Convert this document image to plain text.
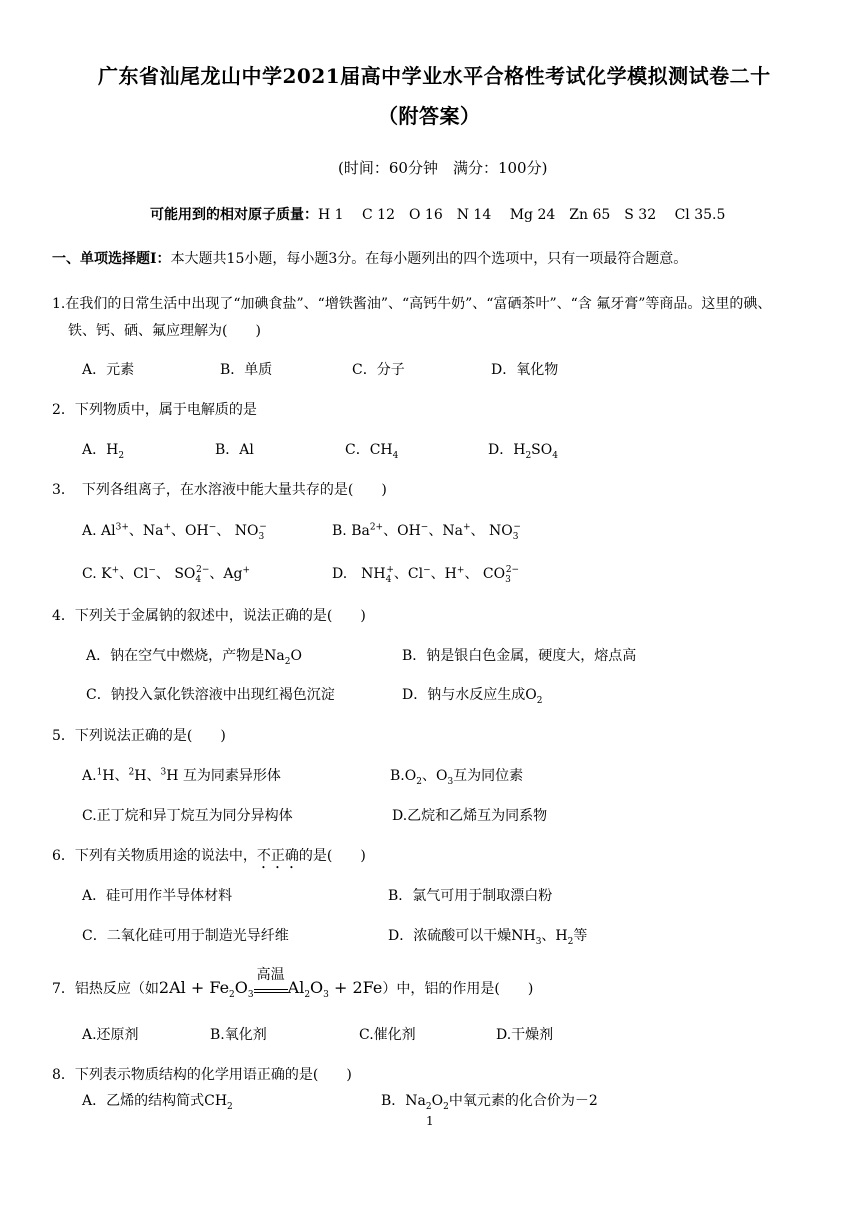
广东省汕尾龙山中学2021届高中学业水平合格性考试化学模拟测试卷二十
（附答案）
(时间：60分钟　满分：100分)
可能用到的相对原子质量：H 1　 C 12　O 16　N 14　 Mg 24　Zn 65　S 32　 Cl 35.5
一、单项选择题Ⅰ：本大题共15小题，每小题3分。在每小题列出的四个选项中，只有一项最符合题意。
1.在我们的日常生活中出现了“加碘食盐”、“增铁酱油”、“高钙牛奶”、“富硒茶叶”、“含 氟牙膏”等商品。这里的碘、
铁、钙、硒、氟应理解为(　　)
A．元素	B．单质	C．分子	D．氧化物
2．下列物质中，属于电解质的是
A．$H_2$	B．Al	C．$CH_4$	D．$H_2SO_4$
3．　下列各组离子，在水溶液中能大量共存的是(　　)
A. $Al^{3+}$、Na+、OH−、 $NO_3^-$	B. $Ba^{2+}$、OH−、Na+、 $NO_3^-$
C. K+、Cl−、 $SO_4^{2-}$、Ag+	D.　$NH_4^+$、Cl−、H+、 $CO_3^{2-}$
4．下列关于金属钠的叙述中，说法正确的是(　　)
A．钠在空气中燃烧，产物是$Na_2O$	B．钠是银白色金属，硬度大，熔点高
C．钠投入氯化铁溶液中出现红褐色沉淀	D．钠与水反应生成$O_2$
5．下列说法正确的是(　　)
A.$^1$H、$^2$H、$^3$H 互为同素异形体	$B.O_2$、$O_3$互为同位素
C.正丁烷和异丁烷互为同分异构体	D.乙烷和乙烯互为同系物
6．下列有关物质用途的说法中，不正确的是(　　)
A．硅可用作半导体材料	B．氯气可用于制取漂白粉
C．二氧化硅可用于制造光导纤维	D．浓硫酸可以干燥$NH_3$、$H_2$等
7．铝热反应（如$2Al + Fe_2O_3$
高温
$Al_2O_3 + 2Fe$）中，铝的作用是(　　)
A.还原剂	B.氧化剂	C.催化剂	D.干燥剂
8．下列表示物质结构的化学用语正确的是(　　)
A．乙烯的结构简式$CH_2$	B．$Na_2O_2$中氧元素的化合价为－2
1
